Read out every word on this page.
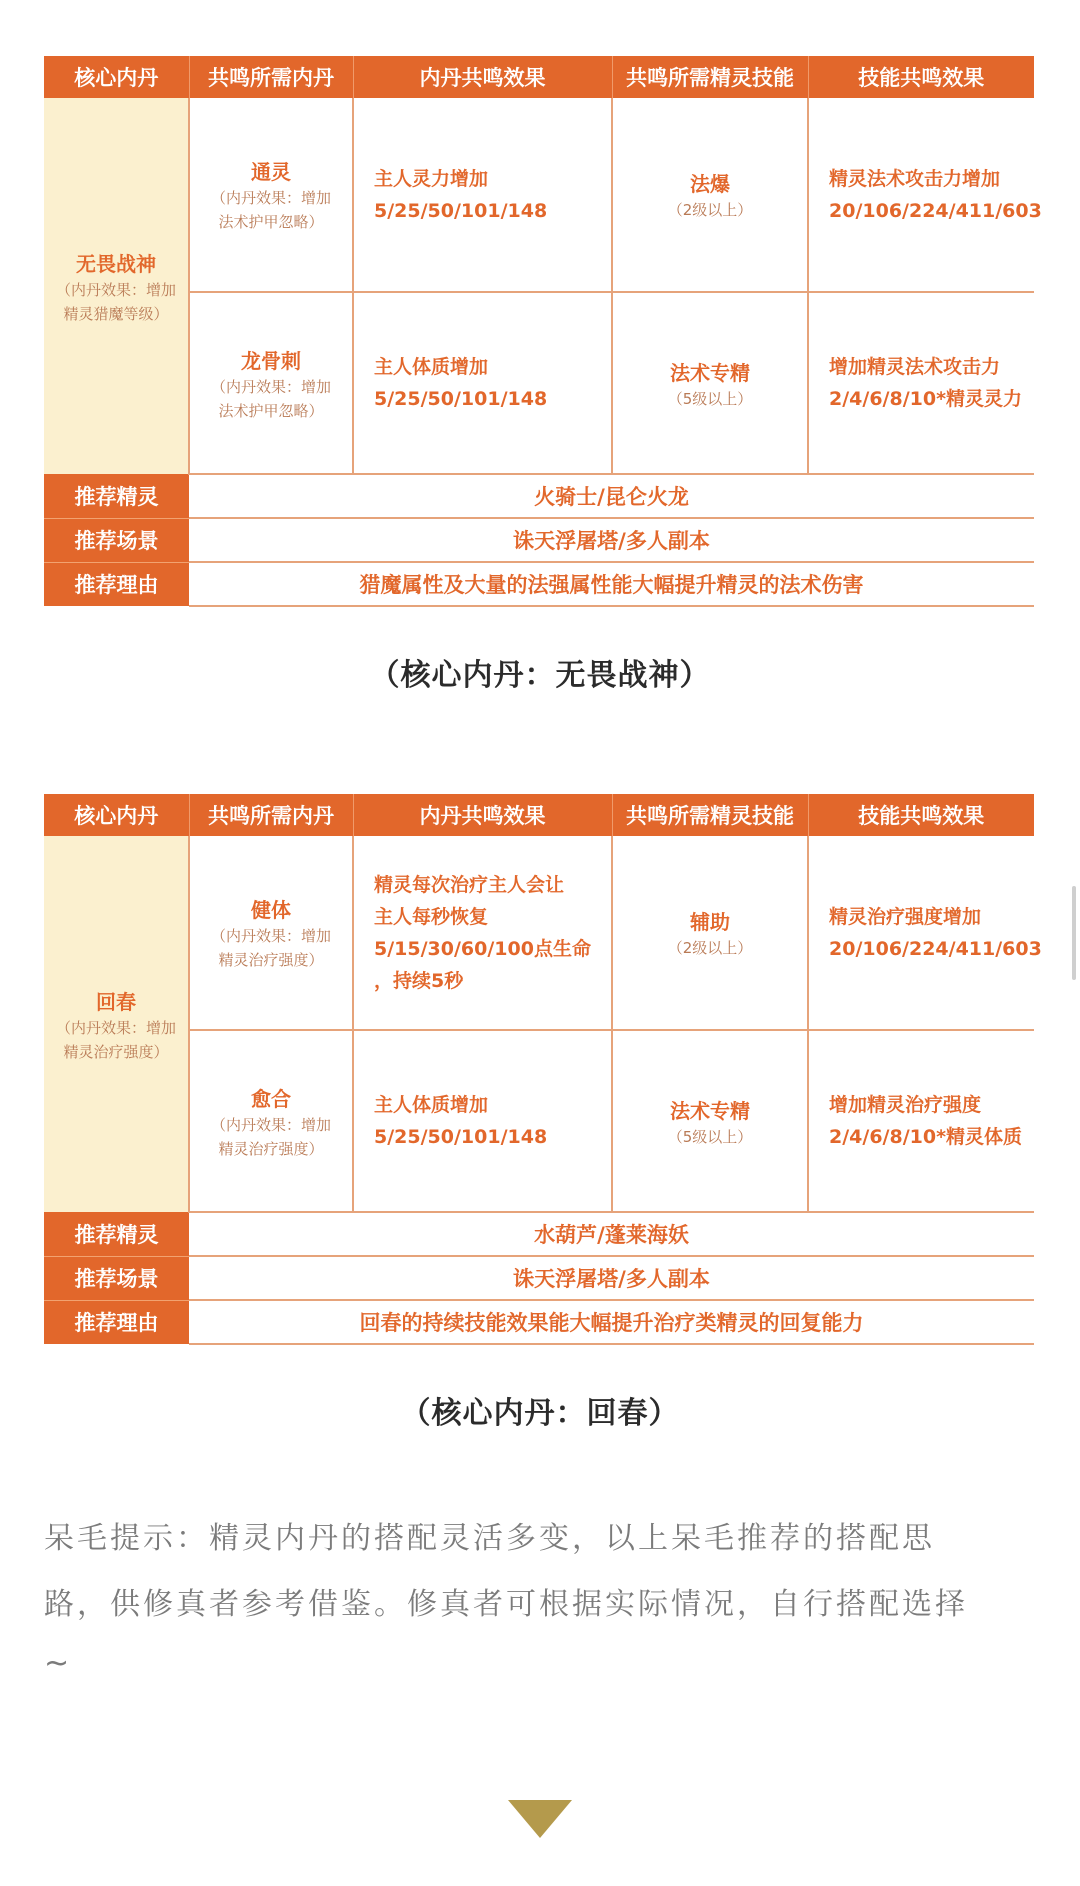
核心内丹	共鸣所需内丹	内丹共鸣效果	共鸣所需精灵技能	技能共鸣效果

无畏战神
（内丹效果：增加
精灵猎魔等级）	通灵
（内丹效果：增加
法术护甲忽略）	主人灵力增加
5/25/50/101/148	法爆
（2级以上）	精灵法术攻击力增加
20/106/224/411/603

	龙骨刺
（内丹效果：增加
法术护甲忽略）	主人体质增加
5/25/50/101/148	法术专精
（5级以上）	增加精灵法术攻击力
2/4/6/8/10*精灵灵力

推荐精灵	火骑士/昆仑火龙			
推荐场景	诛天浮屠塔/多人副本			
推荐理由	猎魔属性及大量的法强属性能大幅提升精灵的法术伤害			
（核心内丹：无畏战神）
核心内丹	共鸣所需内丹	内丹共鸣效果	共鸣所需精灵技能	技能共鸣效果

回春
（内丹效果：增加
精灵治疗强度）	健体
（内丹效果：增加
精灵治疗强度）	精灵每次治疗主人会让
主人每秒恢复
5/15/30/60/100点生命
，持续5秒	辅助
（2级以上）	精灵治疗强度增加
20/106/224/411/603

	愈合
（内丹效果：增加
精灵治疗强度）	主人体质增加
5/25/50/101/148	法术专精
（5级以上）	增加精灵治疗强度
2/4/6/8/10*精灵体质

推荐精灵	水葫芦/蓬莱海妖			
推荐场景	诛天浮屠塔/多人副本			
推荐理由	回春的持续技能效果能大幅提升治疗类精灵的回复能力			
（核心内丹：回春）
呆毛提示：精灵内丹的搭配灵活多变，以上呆毛推荐的搭配思
路，供修真者参考借鉴。修真者可根据实际情况，自行搭配选择
~
